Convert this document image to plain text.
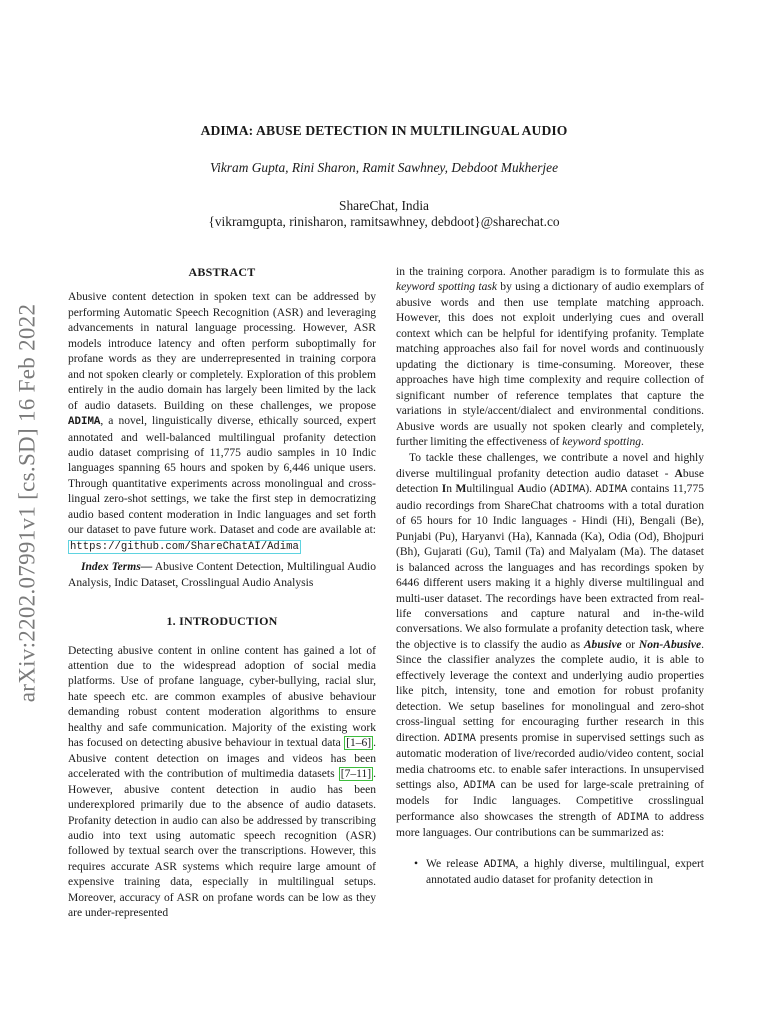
arXiv:2202.07991v1 [cs.SD] 16 Feb 2022
ADIMA: ABUSE DETECTION IN MULTILINGUAL AUDIO
Vikram Gupta, Rini Sharon, Ramit Sawhney, Debdoot Mukherjee
ShareChat, India
{vikramgupta, rinisharon, ramitsawhney, debdoot}@sharechat.co
ABSTRACT

Abusive content detection in spoken text can be addressed by performing Automatic Speech Recognition (ASR) and leveraging advancements in natural language processing. However, ASR models introduce latency and often perform suboptimally for profane words as they are underrepresented in training corpora and not spoken clearly or completely. Exploration of this problem entirely in the audio domain has largely been limited by the lack of audio datasets. Building on these challenges, we propose ADIMA, a novel, linguistically diverse, ethically sourced, expert annotated and well-balanced multilingual profanity detection audio dataset comprising of 11,775 audio samples in 10 Indic languages spanning 65 hours and spoken by 6,446 unique users. Through quantitative experiments across monolingual and cross-lingual zero-shot settings, we take the first step in democratizing audio based content moderation in Indic languages and set forth our dataset to pave future work. Dataset and code are available at: https://github.com/ShareChatAI/Adima

Index Terms— Abusive Content Detection, Multilingual Audio Analysis, Indic Dataset, Crosslingual Audio Analysis

1. INTRODUCTION

Detecting abusive content in online content has gained a lot of attention due to the widespread adoption of social media platforms. Use of profane language, cyber-bullying, racial slur, hate speech etc. are common examples of abusive behaviour demanding robust content moderation algorithms to ensure healthy and safe communication. Majority of the existing work has focused on detecting abusive behaviour in textual data [1–6] . Abusive content detection on images and videos has been accelerated with the contribution of multimedia datasets [7–11] . However, abusive content detection in audio has been underexplored primarily due to the absence of audio datasets. Profanity detection in audio can also be addressed by transcribing audio into text using automatic speech recognition (ASR) followed by textual search over the transcriptions. However, this requires accurate ASR systems which require large amount of expensive training data, especially in multilingual setups. Moreover, accuracy of ASR on profane words can be low as they are under-represented

in the training corpora. Another paradigm is to formulate this as keyword spotting task by using a dictionary of audio exemplars of abusive words and then use template matching approach. However, this does not exploit underlying cues and overall context which can be helpful for identifying profanity. Template matching approaches also fail for novel words and continuously updating the dictionary is time-consuming. Moreover, these approaches have high time complexity and require collection of significant number of reference templates that capture the variations in style/accent/dialect and environmental conditions. Abusive words are usually not spoken clearly and completely, further limiting the effectiveness of keyword spotting.

To tackle these challenges, we contribute a novel and highly diverse multilingual profanity detection audio dataset - Abuse detection In Multilingual Audio (ADIMA). ADIMA contains 11,775 audio recordings from ShareChat chatrooms with a total duration of 65 hours for 10 Indic languages - Hindi (Hi), Bengali (Be), Punjabi (Pu), Haryanvi (Ha), Kannada (Ka), Odia (Od), Bhojpuri (Bh), Gujarati (Gu), Tamil (Ta) and Malyalam (Ma). The dataset is balanced across the languages and has recordings spoken by 6446 different users making it a highly diverse multilingual and multi-user dataset. The recordings have been extracted from real-life conversations and capture natural and in-the-wild conversations. We also formulate a profanity detection task, where the objective is to classify the audio as Abusive or Non-Abusive. Since the classifier analyzes the complete audio, it is able to effectively leverage the context and underlying audio properties like pitch, intensity, tone and emotion for robust profanity detection. We setup baselines for monolingual and zero-shot cross-lingual setting for encouraging further research in this direction. ADIMA presents promise in supervised settings such as automatic moderation of live/recorded audio/video content, social media chatrooms etc. to enable safer interactions. In unsupervised settings also, ADIMA can be used for large-scale pretraining of models for Indic languages. Competitive crosslingual performance also showcases the strength of ADIMA to address more languages. Our contributions can be summarized as:

• We release ADIMA, a highly diverse, multilingual, expert annotated audio dataset for profanity detection in
